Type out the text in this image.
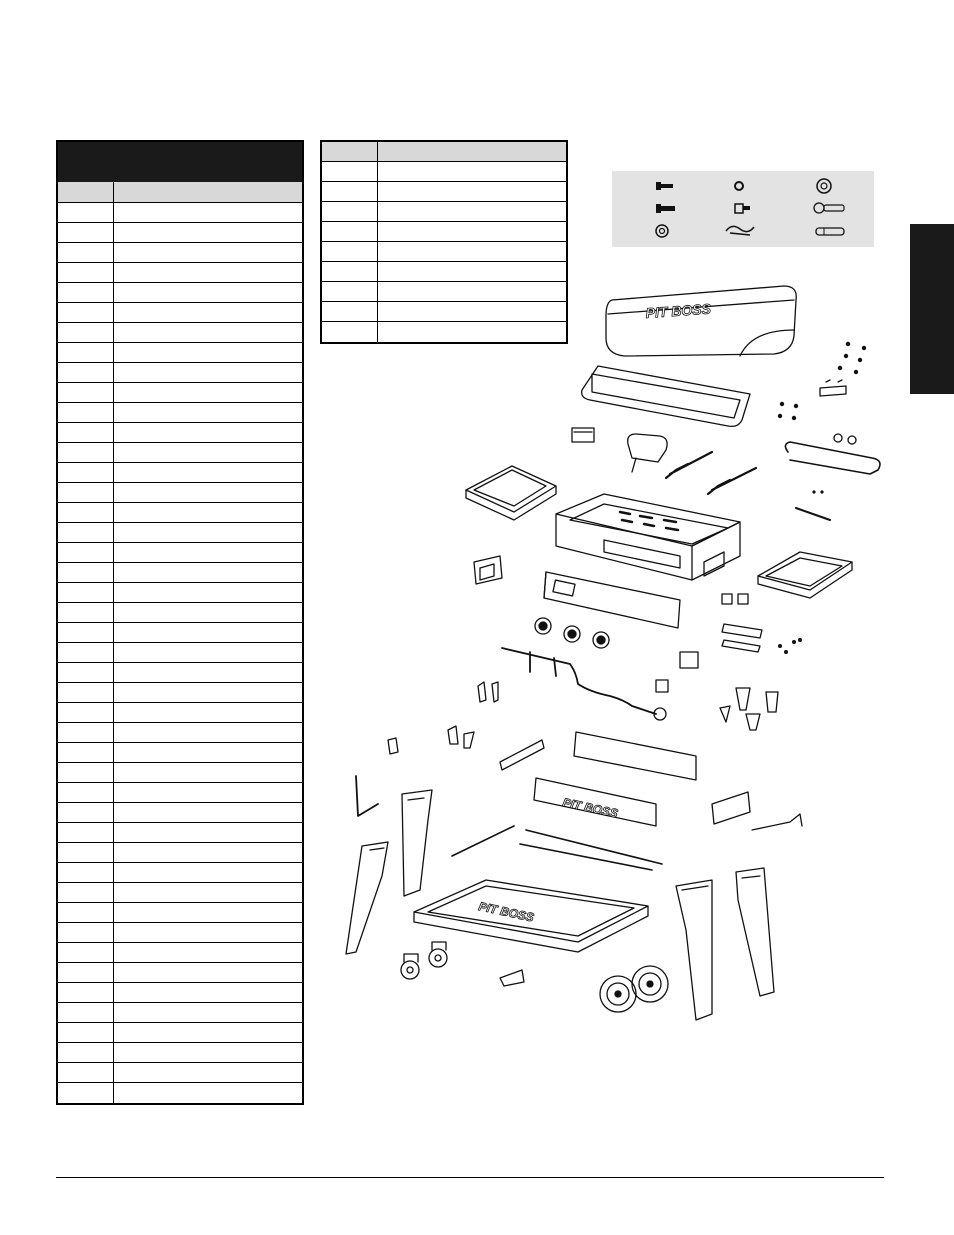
PIT BOSS
PIT BOSS
PIT BOSS
